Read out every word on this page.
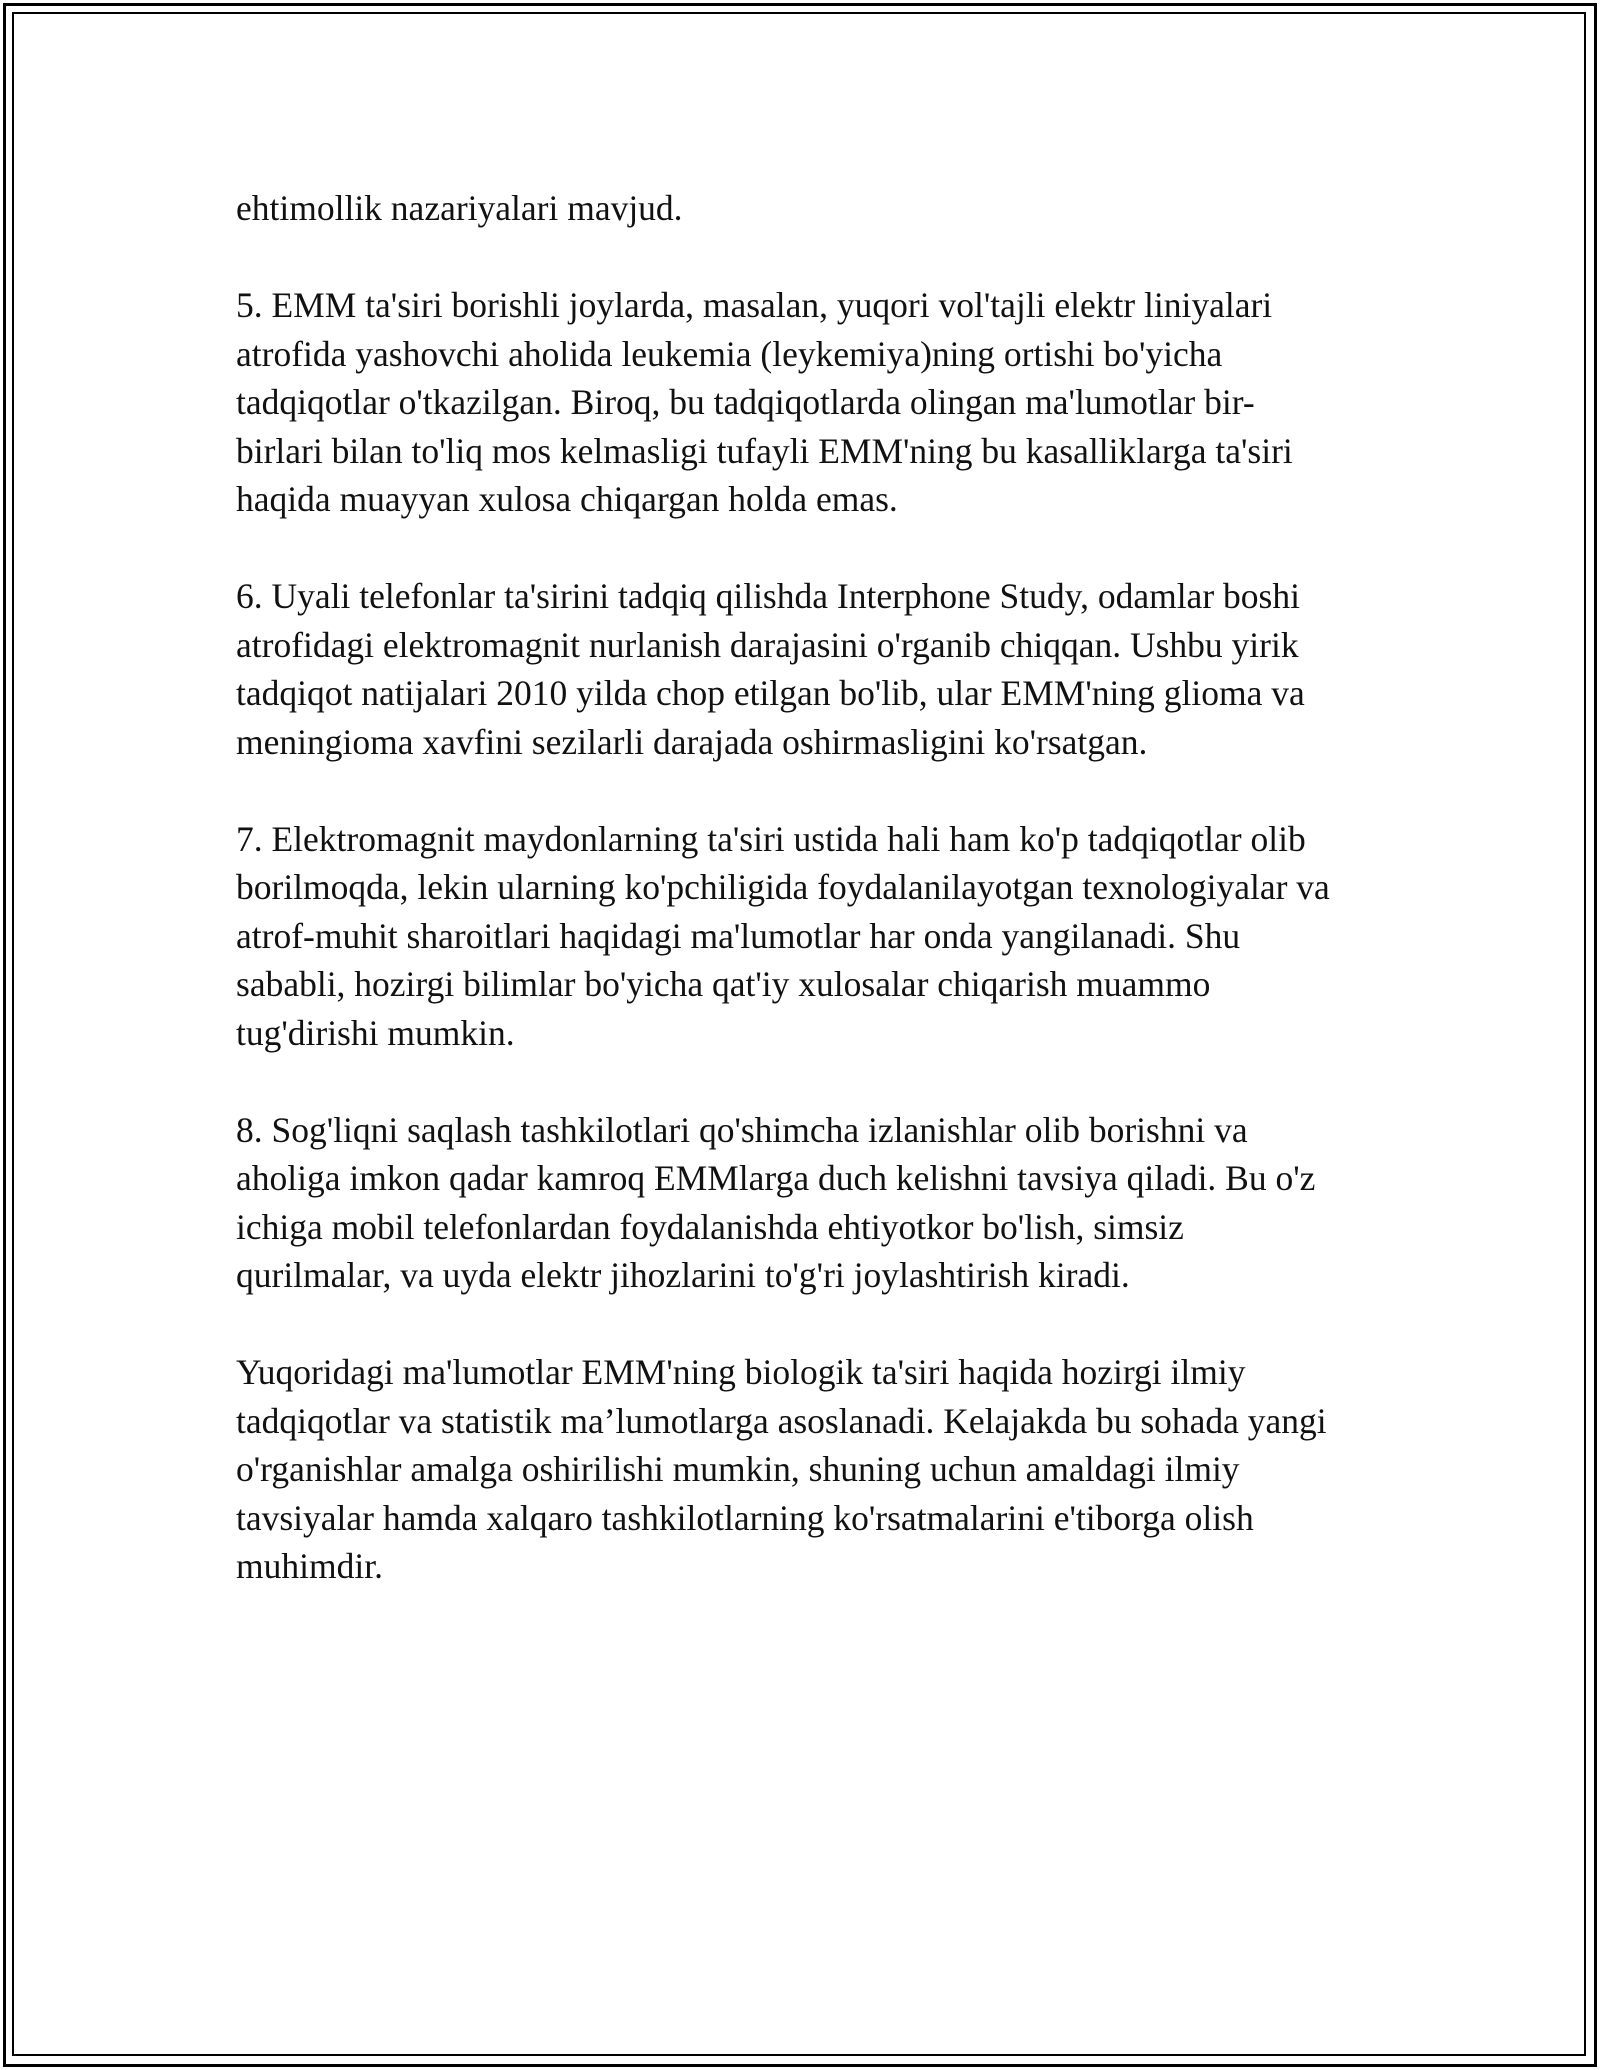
ehtimollik nazariyalari mavjud.

5. EMM ta'siri borishli joylarda, masalan, yuqori vol'tajli elektr liniyalari
atrofida yashovchi aholida leukemia (leykemiya)ning ortishi bo'yicha
tadqiqotlar o'tkazilgan. Biroq, bu tadqiqotlarda olingan ma'lumotlar bir-
birlari bilan to'liq mos kelmasligi tufayli EMM'ning bu kasalliklarga ta'siri
haqida muayyan xulosa chiqargan holda emas.

6. Uyali telefonlar ta'sirini tadqiq qilishda Interphone Study, odamlar boshi
atrofidagi elektromagnit nurlanish darajasini o'rganib chiqqan. Ushbu yirik
tadqiqot natijalari 2010 yilda chop etilgan bo'lib, ular EMM'ning glioma va
meningioma xavfini sezilarli darajada oshirmasligini ko'rsatgan.

7. Elektromagnit maydonlarning ta'siri ustida hali ham ko'p tadqiqotlar olib
borilmoqda, lekin ularning ko'pchiligida foydalanilayotgan texnologiyalar va
atrof-muhit sharoitlari haqidagi ma'lumotlar har onda yangilanadi. Shu
sababli, hozirgi bilimlar bo'yicha qat'iy xulosalar chiqarish muammo
tug'dirishi mumkin.

8. Sog'liqni saqlash tashkilotlari qo'shimcha izlanishlar olib borishni va
aholiga imkon qadar kamroq EMMlarga duch kelishni tavsiya qiladi. Bu o'z
ichiga mobil telefonlardan foydalanishda ehtiyotkor bo'lish, simsiz
qurilmalar, va uyda elektr jihozlarini to'g'ri joylashtirish kiradi.

Yuqoridagi ma'lumotlar EMM'ning biologik ta'siri haqida hozirgi ilmiy
tadqiqotlar va statistik ma’lumotlarga asoslanadi. Kelajakda bu sohada yangi
o'rganishlar amalga oshirilishi mumkin, shuning uchun amaldagi ilmiy
tavsiyalar hamda xalqaro tashkilotlarning ko'rsatmalarini e'tiborga olish
muhimdir.
